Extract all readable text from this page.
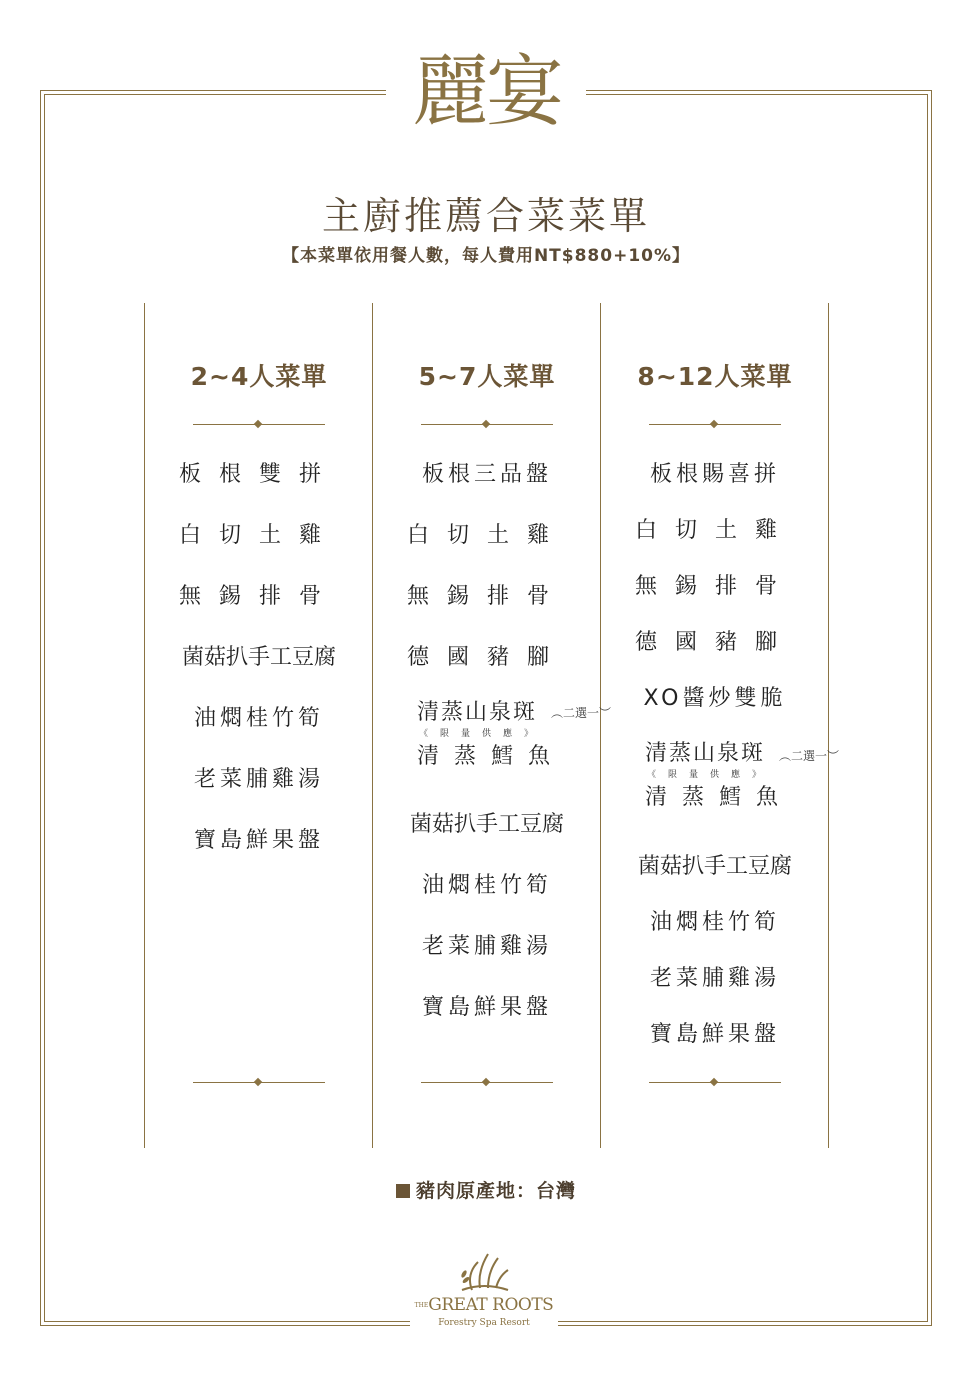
麗宴
主廚推薦合菜菜單
【本菜單依用餐人數，每人費用NT$880+10%】
2~4人菜單
板根雙拼
白切土雞
無錫排骨
菌菇扒手工豆腐
油燜桂竹筍
老菜脯雞湯
寶島鮮果盤
5~7人菜單
板根三品盤
白切土雞
無錫排骨
德國豬腳
清蒸山泉斑
《限量供應》
清蒸鱈魚
︵二選一︶
菌菇扒手工豆腐
油燜桂竹筍
老菜脯雞湯
寶島鮮果盤
8~12人菜單
板根賜喜拼
白切土雞
無錫排骨
德國豬腳
XO醬炒雙脆
清蒸山泉斑
《限量供應》
清蒸鱈魚
︵二選一︶
菌菇扒手工豆腐
油燜桂竹筍
老菜脯雞湯
寶島鮮果盤
豬肉原產地：台灣
THEGREAT ROOTS
Forestry Spa Resort
